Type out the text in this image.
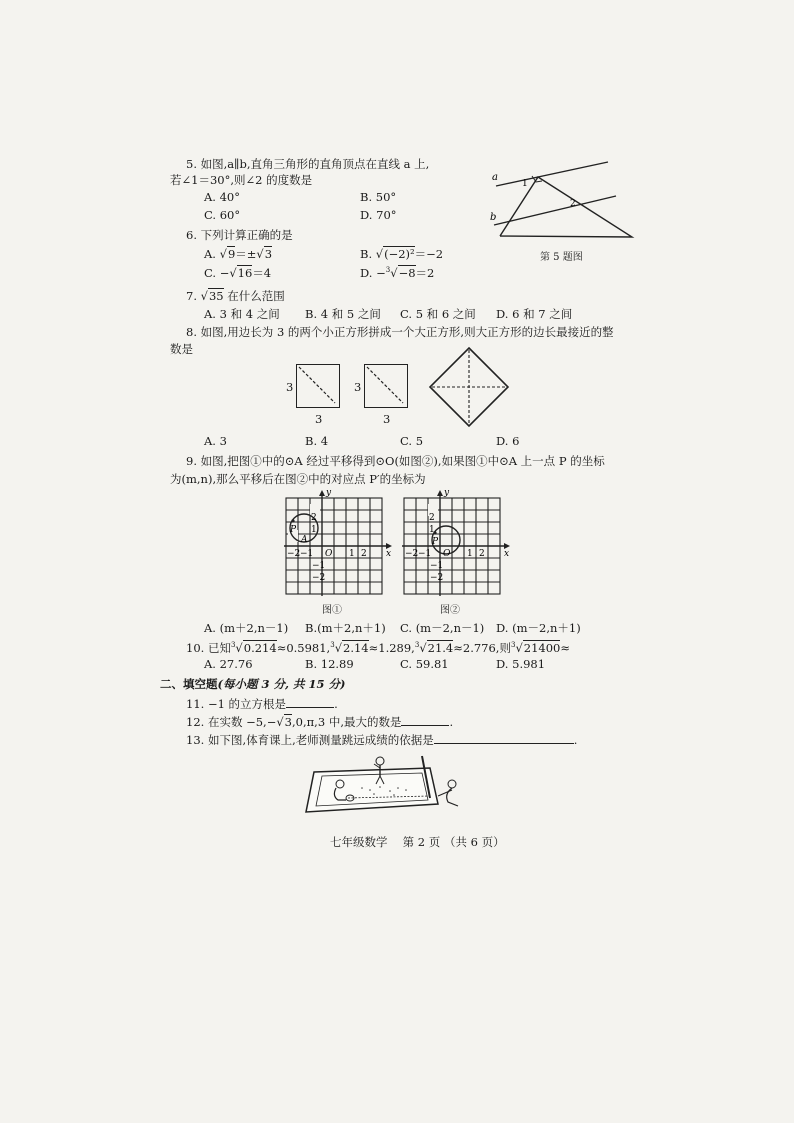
5. 如图,a∥b,直角三角形的直角顶点在直线 a 上,
若∠1＝30°,则∠2 的度数是
A. 40°	B. 50°
C. 60°	D. 70°
a
b
1
2
第 5 题图
6. 下列计算正确的是
A. √9＝±√3	B. √(−2)²＝−2
C. −√16＝4	D. −$^3$√−8＝2
7. √35 在什么范围
A. 3 和 4 之间 B. 4 和 5 之间 C. 5 和 6 之间 D. 6 和 7 之间
8. 如图,用边长为 3 的两个小正方形拼成一个大正方形,则大正方形的边长最接近的整
数是
3
3
3
3
A. 3	B. 4	C. 5	D. 6
9. 如图,把图①中的⊙A 经过平移得到⊙O(如图②),如果图①中⊙A 上一点 P 的坐标
为(m,n),那么平移后在图②中的对应点 P′的坐标为
P
A
y
x
O
−2 −1	1 2
2
1
−1
−2
图①
P
y
x
O
−2 −1	1 2
2
1
−1
−2
图②
A. (m＋2,n－1) B.(m＋2,n＋1) C. (m－2,n－1) D. (m－2,n＋1)
10. 已知$^3$√0.214≈0.5981,$^3$√2.14≈1.289,$^3$√21.4≈2.776,则$^3$√21400≈
A. 27.76	B. 12.89	C. 59.81	D. 5.981
二、填空题(每小题 3 分, 共 15 分)
11. −1 的立方根是	.
12. 在实数 −5,−√3,0,π,3 中,最大的数是	.
13. 如下图,体育课上,老师测量跳远成绩的依据是	.
七年级数学　 第 2 页 （共 6 页）
